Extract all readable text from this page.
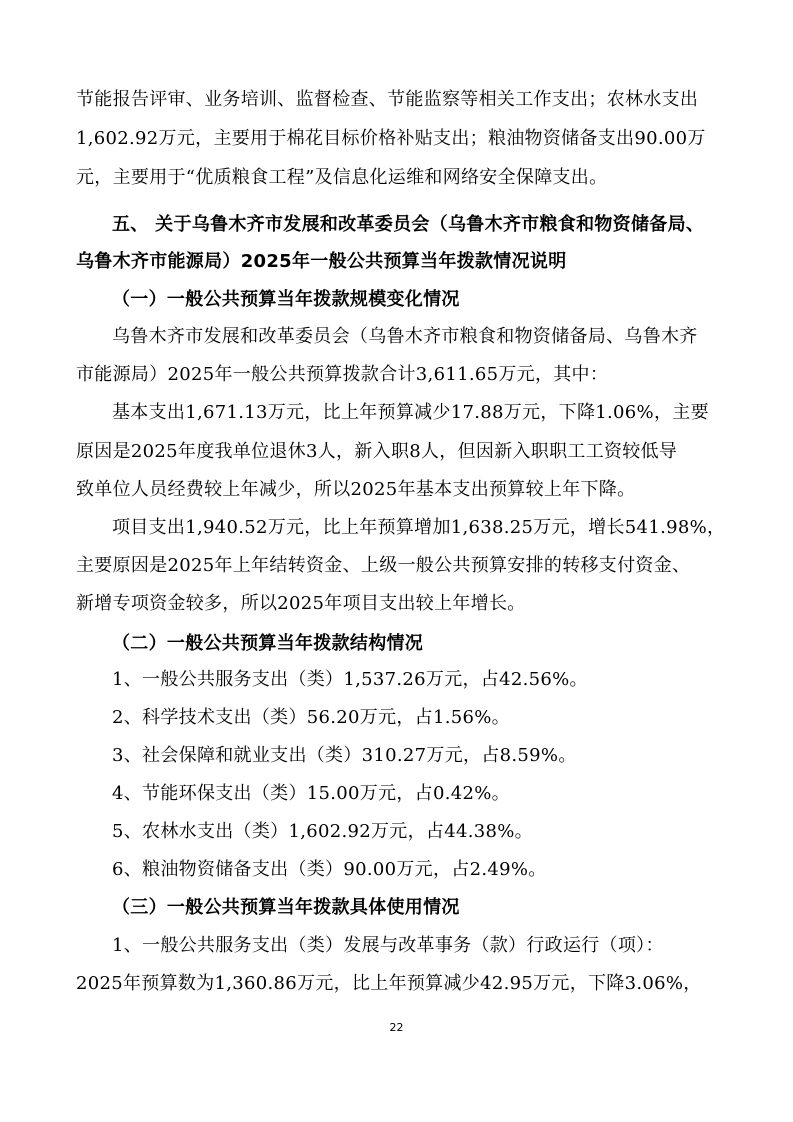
节能报告评审、业务培训、监督检查、节能监察等相关工作支出；农林水支出
1,602.92万元，主要用于棉花目标价格补贴支出；粮油物资储备支出90.00万
元，主要用于“优质粮食工程”及信息化运维和网络安全保障支出。
五、 关于乌鲁木齐市发展和改革委员会（乌鲁木齐市粮食和物资储备局、
乌鲁木齐市能源局）2025年一般公共预算当年拨款情况说明
（一）一般公共预算当年拨款规模变化情况
乌鲁木齐市发展和改革委员会（乌鲁木齐市粮食和物资储备局、乌鲁木齐
市能源局）2025年一般公共预算拨款合计3,611.65万元，其中：
基本支出1,671.13万元，比上年预算减少17.88万元，下降1.06%，主要
原因是2025年度我单位退休3人，新入职8人，但因新入职职工工资较低导
致单位人员经费较上年减少，所以2025年基本支出预算较上年下降。
项目支出1,940.52万元，比上年预算增加1,638.25万元，增长541.98%，
主要原因是2025年上年结转资金、上级一般公共预算安排的转移支付资金、
新增专项资金较多，所以2025年项目支出较上年增长。
（二）一般公共预算当年拨款结构情况
1、一般公共服务支出（类）1,537.26万元，占42.56%。
2、科学技术支出（类）56.20万元，占1.56%。
3、社会保障和就业支出（类）310.27万元，占8.59%。
4、节能环保支出（类）15.00万元，占0.42%。
5、农林水支出（类）1,602.92万元，占44.38%。
6、粮油物资储备支出（类）90.00万元，占2.49%。
（三）一般公共预算当年拨款具体使用情况
1、一般公共服务支出（类）发展与改革事务（款）行政运行（项）：
2025年预算数为1,360.86万元，比上年预算减少42.95万元，下降3.06%，
22
